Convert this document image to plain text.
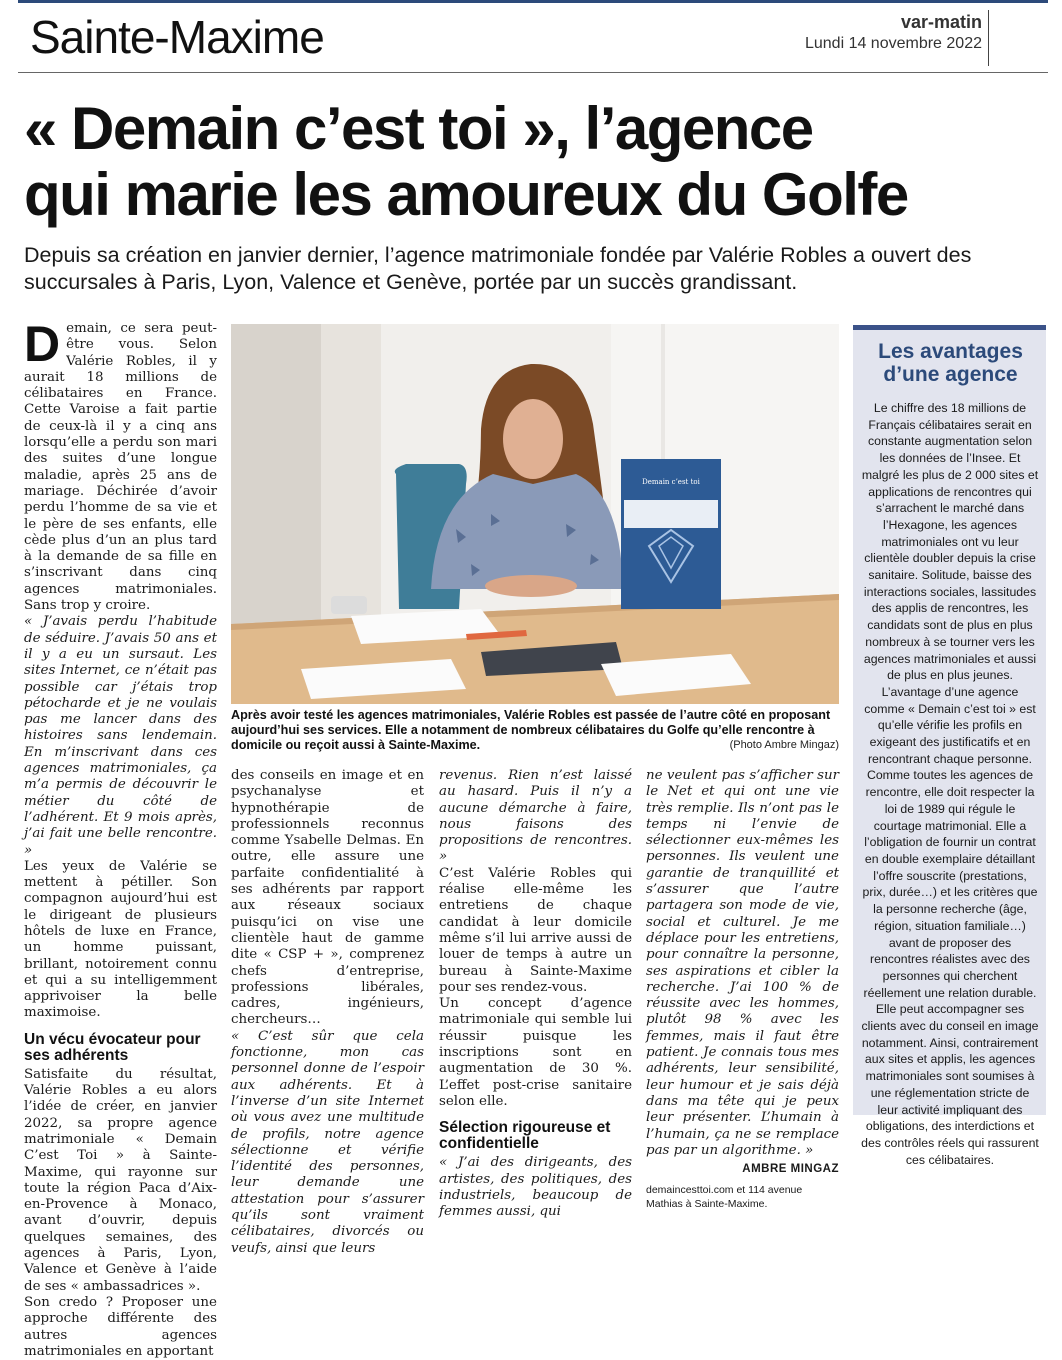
Sainte-Maxime	var-matin
Lundi 14 novembre 2022
« Demain c’est toi », l’agence
qui marie les amoureux du Golfe
Depuis sa création en janvier dernier, l’agence matrimoniale fondée par Valérie Robles a ouvert des succursales à Paris, Lyon, Valence et Genève, portée par un succès grandissant.

Demain, ce sera peut-être vous. Selon Valérie Robles, il y aurait 18 millions de célibataires en France. Cette Varoise a fait partie de ceux-là il y a cinq ans lorsqu’elle a perdu son mari des suites d’une longue maladie, après 25 ans de mariage. Déchirée d’avoir perdu l’homme de sa vie et le père de ses enfants, elle cède plus d’un an plus tard à la demande de sa fille en s’inscrivant dans cinq agences matrimoniales. Sans trop y croire.

« J’avais perdu l’habitude de séduire. J’avais 50 ans et il y a eu un sursaut. Les sites Internet, ce n’était pas possible car j’étais trop pétocharde et je ne voulais pas me lancer dans des histoires sans lendemain. En m’inscrivant dans ces agences matrimoniales, ça m’a permis de découvrir le métier du côté de l’adhérent. Et 9 mois après, j’ai fait une belle rencontre. »

Les yeux de Valérie se mettent à pétiller. Son compagnon aujourd’hui est le dirigeant de plusieurs hôtels de luxe en France, un homme puissant, brillant, notoirement connu et qui a su intelligemment apprivoiser la belle maximoise.

Un vécu évocateur pour ses adhérents

Satisfaite du résultat, Valérie Robles a eu alors l’idée de créer, en janvier 2022, sa propre agence matrimoniale « Demain C’est Toi » à Sainte-Maxime, qui rayonne sur toute la région Paca d’Aix-en-Provence à Monaco, avant d’ouvrir, depuis quelques semaines, des agences à Paris, Lyon, Valence et Genève à l’aide de ses « ambassadrices ».

Son credo ? Proposer une approche différente des autres agences matrimoniales en apportant

Demain c’est toi
Après avoir testé les agences matrimoniales, Valérie Robles est passée de l’autre côté en proposant aujourd’hui ses services. Elle a notamment de nombreux célibataires du Golfe qu’elle rencontre à domicile ou reçoit aussi à Sainte-Maxime.	(Photo Ambre Mingaz)

des conseils en image et en psychanalyse et hypnothérapie de professionnels reconnus comme Ysabelle Delmas. En outre, elle assure une parfaite confidentialité à ses adhérents par rapport aux réseaux sociaux puisqu’ici on vise une clientèle haut de gamme dite « CSP + », comprenez chefs d’entreprise, professions libérales, cadres, ingénieurs, chercheurs…

« C’est sûr que cela fonctionne, mon cas personnel donne de l’espoir aux adhérents. Et à l’inverse d’un site Internet où vous avez une multitude de profils, notre agence sélectionne et vérifie l’identité des personnes, leur demande une attestation pour s’assurer qu’ils sont vraiment célibataires, divorcés ou veufs, ainsi que leurs

revenus. Rien n’est laissé au hasard. Puis il n’y a aucune démarche à faire, nous faisons des propositions de rencontres. »

C’est Valérie Robles qui réalise elle-même les entretiens de chaque candidat à leur domicile même s’il lui arrive aussi de louer de temps à autre un bureau à Sainte-Maxime pour ses rendez-vous.

Un concept d’agence matrimoniale qui semble lui réussir puisque les inscriptions sont en augmentation de 30 %. L’effet post-crise sanitaire selon elle.

Sélection rigoureuse et confidentielle

« J’ai des dirigeants, des artistes, des politiques, des industriels, beaucoup de femmes aussi, qui

ne veulent pas s’afficher sur le Net et qui ont une vie très remplie. Ils n’ont pas le temps ni l’envie de sélectionner eux-mêmes les personnes. Ils veulent une garantie de tranquillité et s’assurer que l’autre partagera son mode de vie, social et culturel. Je me déplace pour les entretiens, pour connaître la personne, ses aspirations et cibler la recherche. J’ai 100 % de réussite avec les hommes, plutôt 98 % avec les femmes, mais il faut être patient. Je connais tous mes adhérents, leur sensibilité, leur humour et je sais déjà dans ma tête qui je peux leur présenter. L’humain à l’humain, ça ne se remplace pas par un algorithme. »

AMBRE MINGAZ
demaincesttoi.com et 114 avenue Mathias à Sainte-Maxime.
Les avantages
d’une agence
Le chiffre des 18 millions de Français célibataires serait en constante augmentation selon les données de l’Insee. Et malgré les plus de 2 000 sites et applications de rencontres qui s’arrachent le marché dans l’Hexagone, les agences matrimoniales ont vu leur clientèle doubler depuis la crise sanitaire. Solitude, baisse des interactions sociales, lassitudes des applis de rencontres, les candidats sont de plus en plus nombreux à se tourner vers les agences matrimoniales et aussi de plus en plus jeunes. L’avantage d’une agence comme « Demain c’est toi » est qu’elle vérifie les profils en exigeant des justificatifs et en rencontrant chaque personne. Comme toutes les agences de rencontre, elle doit respecter la loi de 1989 qui régule le courtage matrimonial. Elle a l’obligation de fournir un contrat en double exemplaire détaillant l’offre souscrite (prestations, prix, durée…) et les critères que la personne recherche (âge, région, situation familiale…) avant de proposer des rencontres réalistes avec des personnes qui cherchent réellement une relation durable. Elle peut accompagner ses clients avec du conseil en image notamment. Ainsi, contrairement aux sites et applis, les agences matrimoniales sont soumises à une réglementation stricte de leur activité impliquant des obligations, des interdictions et des contrôles réels qui rassurent ces célibataires.
